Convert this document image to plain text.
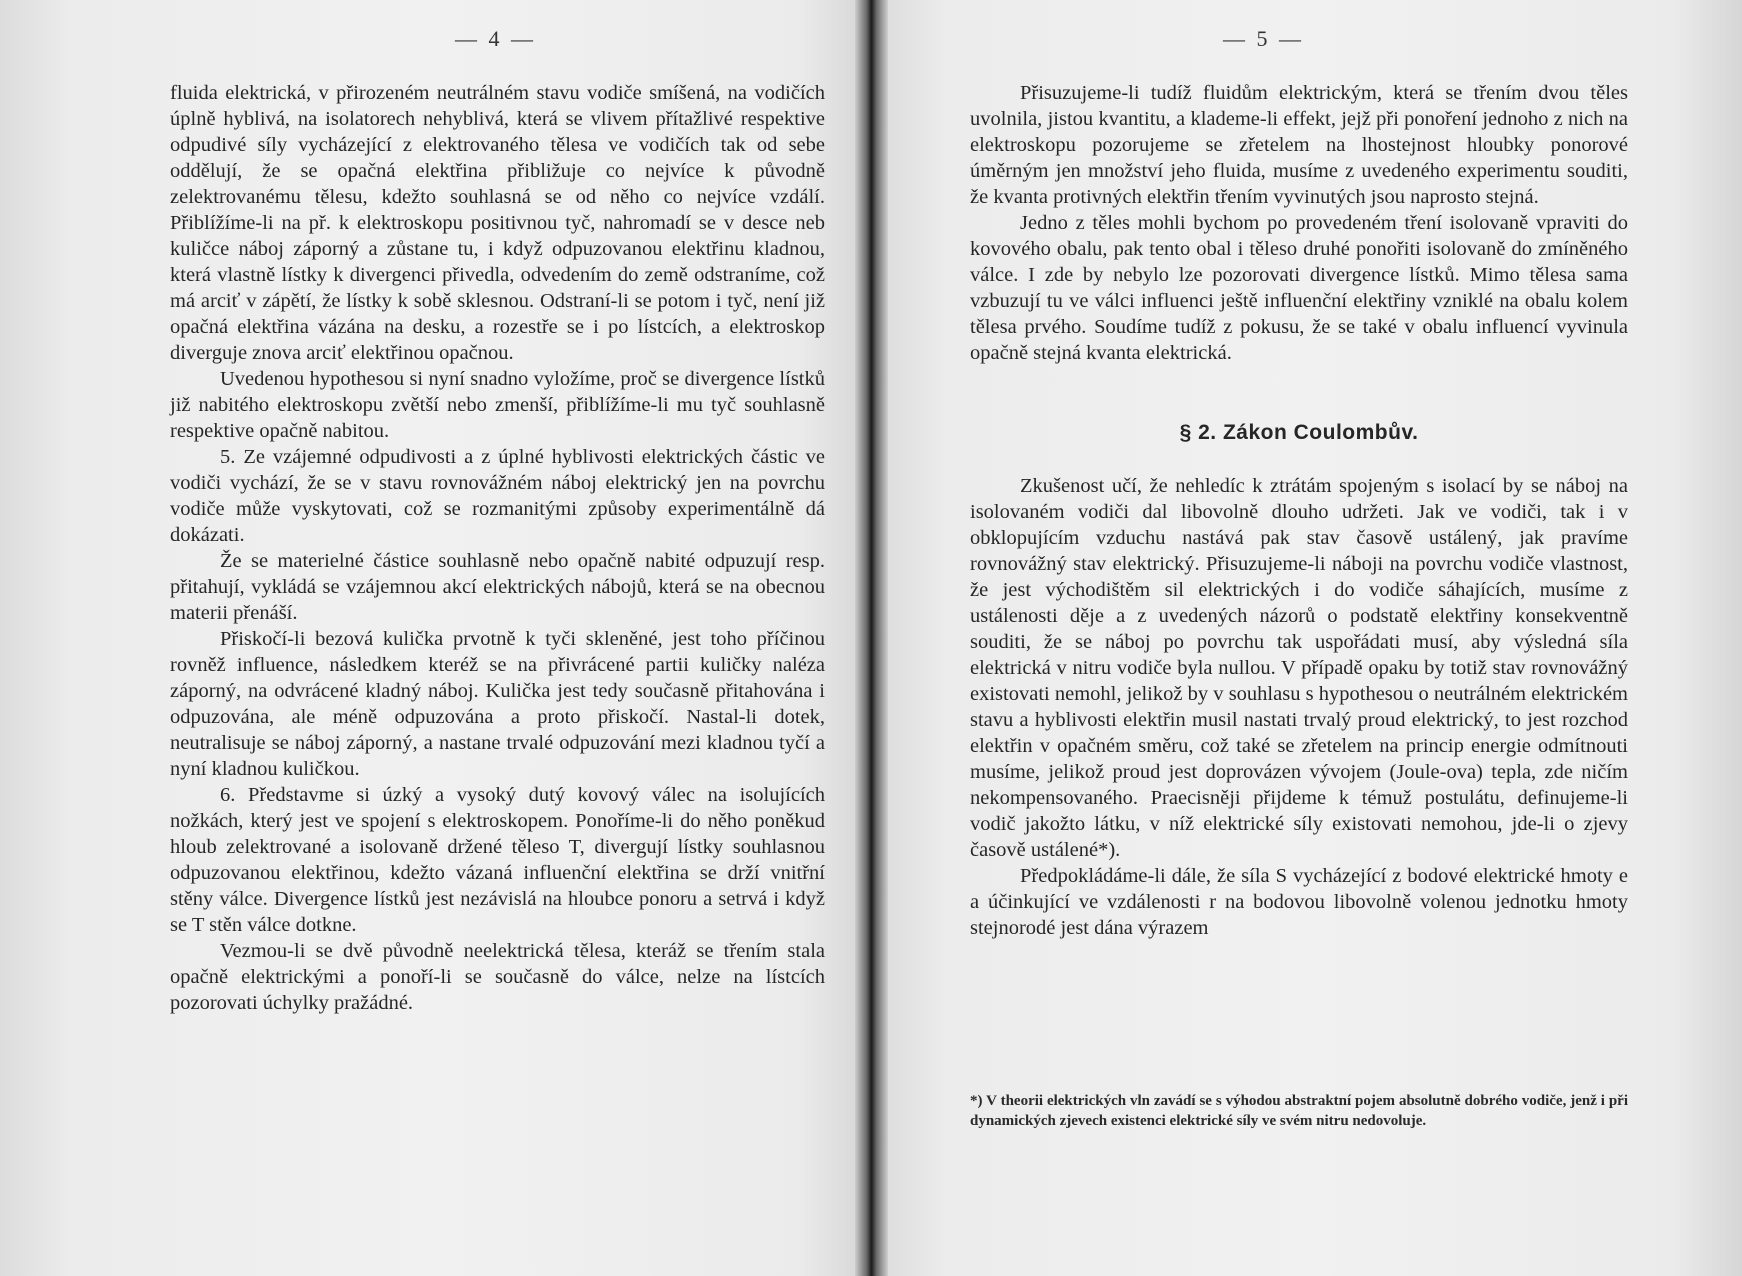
— 4 —

fluida elektrická, v přirozeném neutrálném stavu vodiče smíšená, na vodičích úplně hyblivá, na isolatorech nehyblivá, která se vlivem přítažlivé respektive odpudivé síly vycházející z elektrovaného tělesa ve vodičích tak od sebe oddělují, že se opačná elektřina přibližuje co nejvíce k původně zelektrovanému tělesu, kdežto souhlasná se od něho co nejvíce vzdálí. Přiblížíme-li na př. k elektroskopu positivnou tyč, nahromadí se v desce neb kuličce náboj záporný a zůstane tu, i když odpuzovanou elektřinu kladnou, která vlastně lístky k divergenci přivedla, odvedením do země odstraníme, což má arciť v zápětí, že lístky k sobě sklesnou. Odstraní-li se potom i tyč, není již opačná elektřina vázána na desku, a rozestře se i po lístcích, a elektroskop diverguje znova arciť elektřinou opačnou.

Uvedenou hypothesou si nyní snadno vyložíme, proč se divergence lístků již nabitého elektroskopu zvětší nebo zmenší, přiblížíme-li mu tyč souhlasně respektive opačně nabitou.

5. Ze vzájemné odpudivosti a z úplné hyblivosti elektrických částic ve vodiči vychází, že se v stavu rovnovážném náboj elektrický jen na povrchu vodiče může vyskytovati, což se rozmanitými způsoby experimentálně dá dokázati.

Že se materielné částice souhlasně nebo opačně nabité odpuzují resp. přitahují, vykládá se vzájemnou akcí elektrických nábojů, která se na obecnou materii přenáší.

Přiskočí-li bezová kulička prvotně k tyči skleněné, jest toho příčinou rovněž influence, následkem kteréž se na přivrácené partii kuličky naléza záporný, na odvrácené kladný náboj. Kulička jest tedy současně přitahována i odpuzována, ale méně odpuzována a proto přiskočí. Nastal-li dotek, neutralisuje se náboj záporný, a nastane trvalé odpuzování mezi kladnou tyčí a nyní kladnou kuličkou.

6. Představme si úzký a vysoký dutý kovový válec na isolujících nožkách, který jest ve spojení s elektroskopem. Ponoříme-li do něho poněkud hloub zelektrované a isolovaně držené těleso T, divergují lístky souhlasnou odpuzovanou elektřinou, kdežto vázaná influenční elektřina se drží vnitřní stěny válce. Divergence lístků jest nezávislá na hloubce ponoru a setrvá i když se T stěn válce dotkne.

Vezmou-li se dvě původně neelektrická tělesa, kteráž se třením stala opačně elektrickými a ponoří-li se současně do válce, nelze na lístcích pozorovati úchylky pražádné.

— 5 —

Přisuzujeme-li tudíž fluidům elektrickým, která se třením dvou těles uvolnila, jistou kvantitu, a klademe-li effekt, jejž při ponoření jednoho z nich na elektroskopu pozorujeme se zřetelem na lhostejnost hloubky ponorové úměrným jen množství jeho fluida, musíme z uvedeného experimentu souditi, že kvanta protivných elektřin třením vyvinutých jsou naprosto stejná.

Jedno z těles mohli bychom po provedeném tření isolovaně vpraviti do kovového obalu, pak tento obal i těleso druhé ponořiti isolovaně do zmíněného válce. I zde by nebylo lze pozorovati divergence lístků. Mimo tělesa sama vzbuzují tu ve válci influenci ještě influenční elektřiny vzniklé na obalu kolem tělesa prvého. Soudíme tudíž z pokusu, že se také v obalu influencí vyvinula opačně stejná kvanta elektrická.

§ 2. Zákon Coulombův.

Zkušenost učí, že nehledíc k ztrátám spojeným s isolací by se náboj na isolovaném vodiči dal libovolně dlouho udržeti. Jak ve vodiči, tak i v obklopujícím vzduchu nastává pak stav časově ustálený, jak pravíme rovnovážný stav elektrický. Přisuzujeme-li náboji na povrchu vodiče vlastnost, že jest východištěm sil elektrických i do vodiče sáhajících, musíme z ustálenosti děje a z uvedených názorů o podstatě elektřiny konsekventně souditi, že se náboj po povrchu tak uspořádati musí, aby výsledná síla elektrická v nitru vodiče byla nullou. V případě opaku by totiž stav rovnovážný existovati nemohl, jelikož by v souhlasu s hypothesou o neutrálném elektrickém stavu a hyblivosti elektřin musil nastati trvalý proud elektrický, to jest rozchod elektřin v opačném směru, což také se zřetelem na princip energie odmítnouti musíme, jelikož proud jest doprovázen vývojem (Joule-ova) tepla, zde ničím nekompensovaného. Praecisněji přijdeme k témuž postulátu, definujeme-li vodič jakožto látku, v níž elektrické síly existovati nemohou, jde-li o zjevy časově ustálené*).

Předpokládáme-li dále, že síla S vycházející z bodové elektrické hmoty e a účinkující ve vzdálenosti r na bodovou libovolně volenou jednotku hmoty stejnorodé jest dána výrazem

*) V theorii elektrických vln zavádí se s výhodou abstraktní pojem absolutně dobrého vodiče, jenž i při dynamických zjevech existenci elektrické síly ve svém nitru nedovoluje.
